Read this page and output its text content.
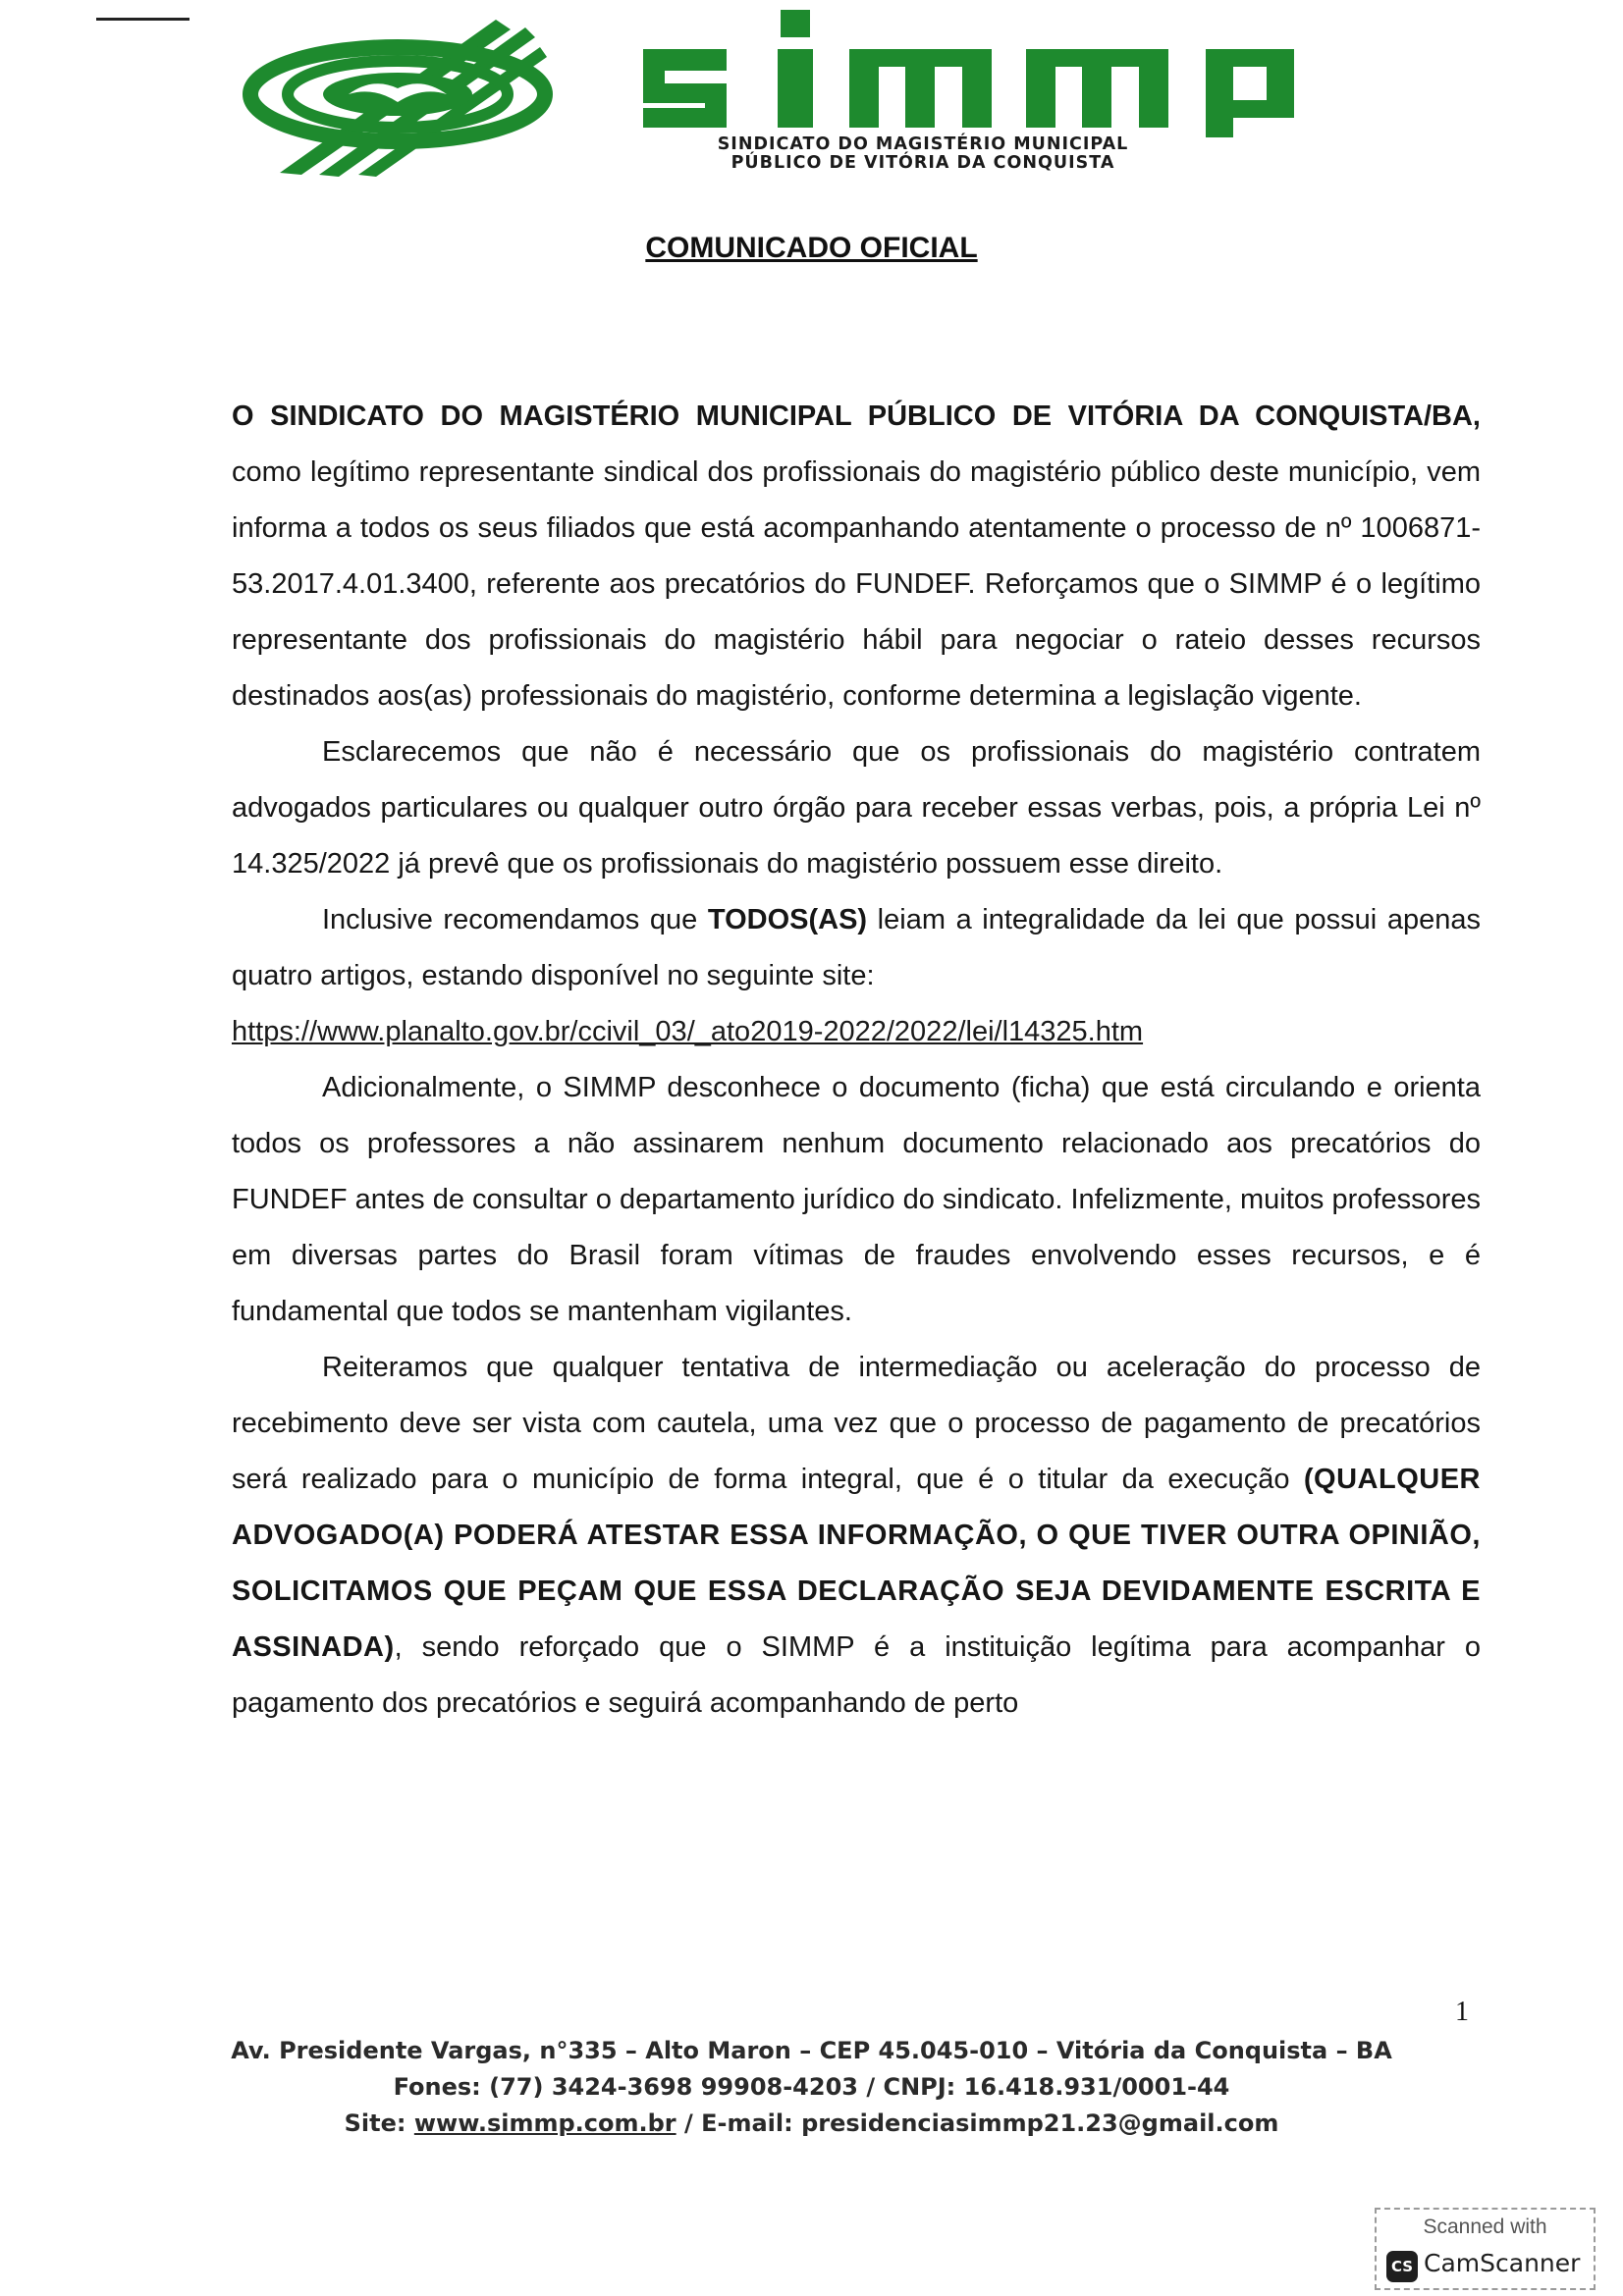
SINDICATO DO MAGISTÉRIO MUNICIPAL
PÚBLICO DE VITÓRIA DA CONQUISTA
COMUNICADO OFICIAL

O SINDICATO DO MAGISTÉRIO MUNICIPAL PÚBLICO DE VITÓRIA DA CONQUISTA/BA, como legítimo representante sindical dos profissionais do magistério público deste município, vem informa a todos os seus filiados que está acompanhando atentamente o processo de nº 1006871-53.2017.4.01.3400, referente aos precatórios do FUNDEF. Reforçamos que o SIMMP é o legítimo representante dos profissionais do magistério hábil para negociar o rateio desses recursos destinados aos(as) professionais do magistério, conforme determina a legislação vigente.

Esclarecemos que não é necessário que os profissionais do magistério contratem advogados particulares ou qualquer outro órgão para receber essas verbas, pois, a própria Lei nº 14.325/2022 já prevê que os profissionais do magistério possuem esse direito.

Inclusive recomendamos que TODOS(AS) leiam a integralidade da lei que possui apenas quatro artigos, estando disponível no seguinte site:

https://www.planalto.gov.br/ccivil_03/_ato2019-2022/2022/lei/l14325.htm

Adicionalmente, o SIMMP desconhece o documento (ficha) que está circulando e orienta todos os professores a não assinarem nenhum documento relacionado aos precatórios do FUNDEF antes de consultar o departamento jurídico do sindicato. Infelizmente, muitos professores em diversas partes do Brasil foram vítimas de fraudes envolvendo esses recursos, e é fundamental que todos se mantenham vigilantes.

Reiteramos que qualquer tentativa de intermediação ou aceleração do processo de recebimento deve ser vista com cautela, uma vez que o processo de pagamento de precatórios será realizado para o município de forma integral, que é o titular da execução (QUALQUER ADVOGADO(A) PODERÁ ATESTAR ESSA INFORMAÇÃO, O QUE TIVER OUTRA OPINIÃO, SOLICITAMOS QUE PEÇAM QUE ESSA DECLARAÇÃO SEJA DEVIDAMENTE ESCRITA E ASSINADA), sendo reforçado que o SIMMP é a instituição legítima para acompanhar o pagamento dos precatórios e seguirá acompanhando de perto

1
Av. Presidente Vargas, n°335 – Alto Maron – CEP 45.045-010 – Vitória da Conquista – BA
Fones: (77) 3424-3698 99908-4203 / CNPJ: 16.418.931/0001-44
Site: www.simmp.com.br / E-mail: presidenciasimmp21.23@gmail.com
Scanned with
CS CamScanner
